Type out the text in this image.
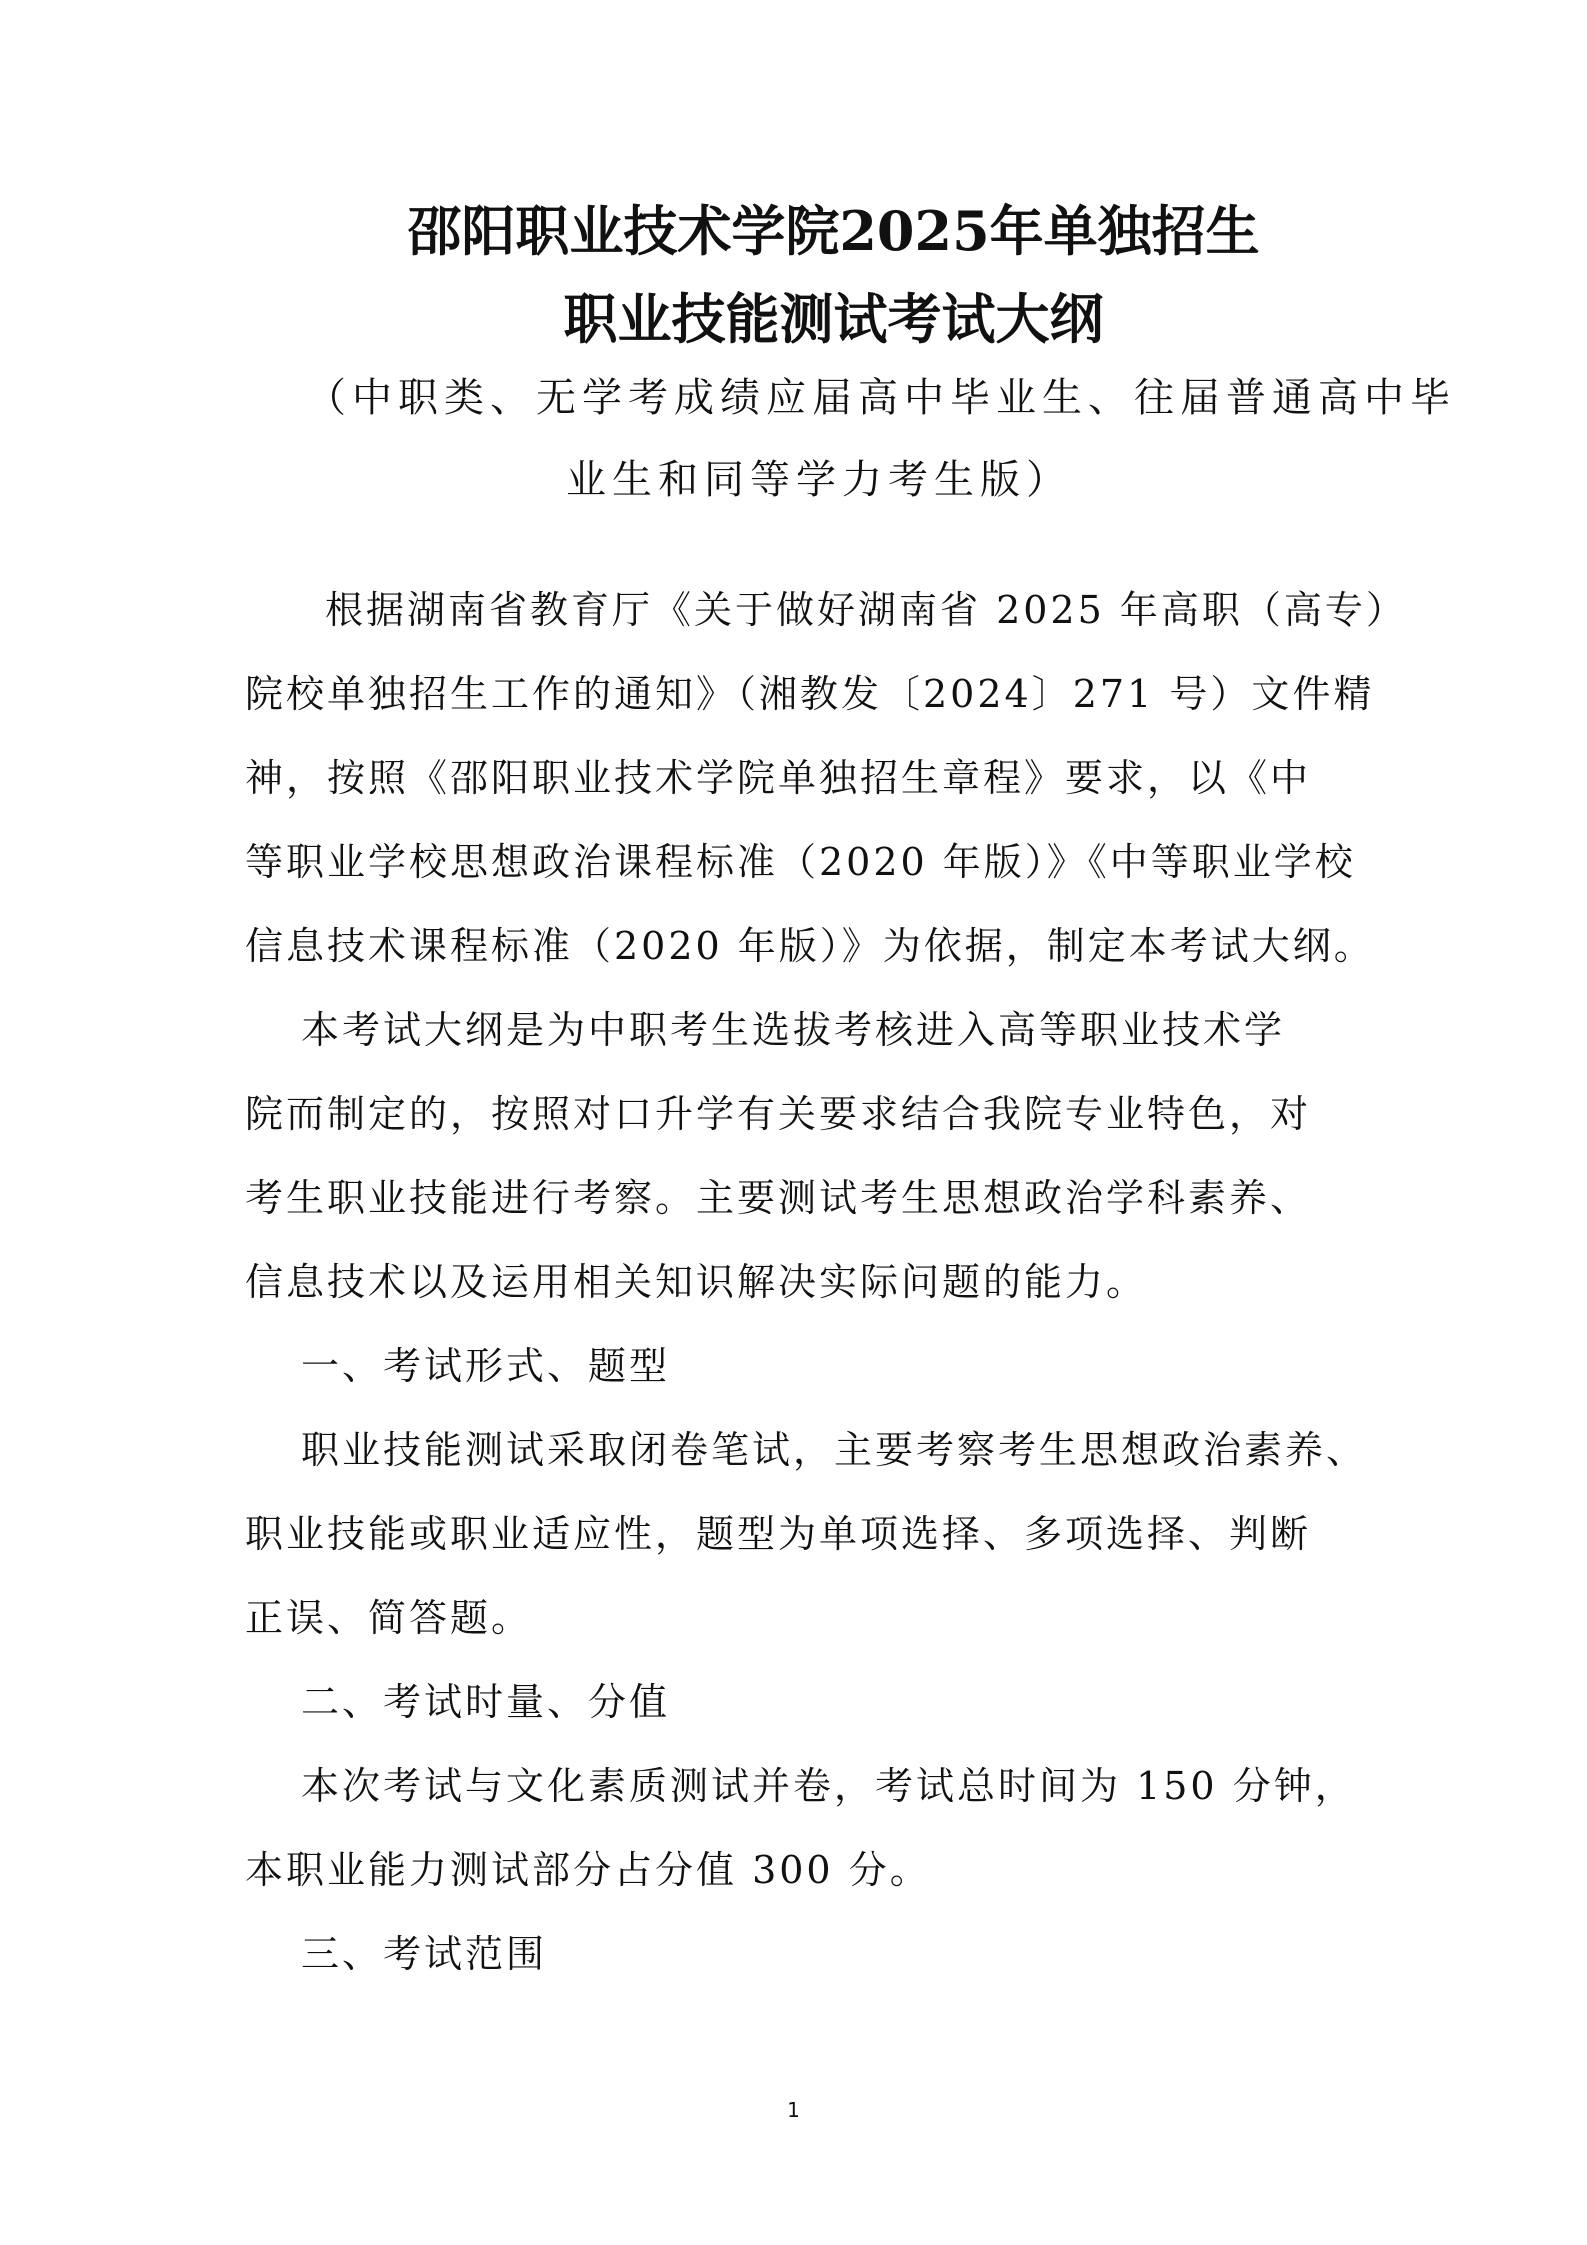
邵阳职业技术学院2025年单独招生
职业技能测试考试大纲
（中职类、无学考成绩应届高中毕业生、往届普通高中毕
业生和同等学力考生版）
根据湖南省教育厅《关于做好湖南省 2025 年高职（高专）
院校单独招生工作的通知》（湘教发〔2024〕271 号）文件精
神，按照《邵阳职业技术学院单独招生章程》要求，以《中
等职业学校思想政治课程标准（2020 年版）》《中等职业学校
信息技术课程标准（2020 年版）》为依据，制定本考试大纲。
本考试大纲是为中职考生选拔考核进入高等职业技术学
院而制定的，按照对口升学有关要求结合我院专业特色，对
考生职业技能进行考察。主要测试考生思想政治学科素养、
信息技术以及运用相关知识解决实际问题的能力。
一、考试形式、题型
职业技能测试采取闭卷笔试，主要考察考生思想政治素养、
职业技能或职业适应性，题型为单项选择、多项选择、判断
正误、简答题。
二、考试时量、分值
本次考试与文化素质测试并卷，考试总时间为 150 分钟，
本职业能力测试部分占分值 300 分。
三、考试范围
1
